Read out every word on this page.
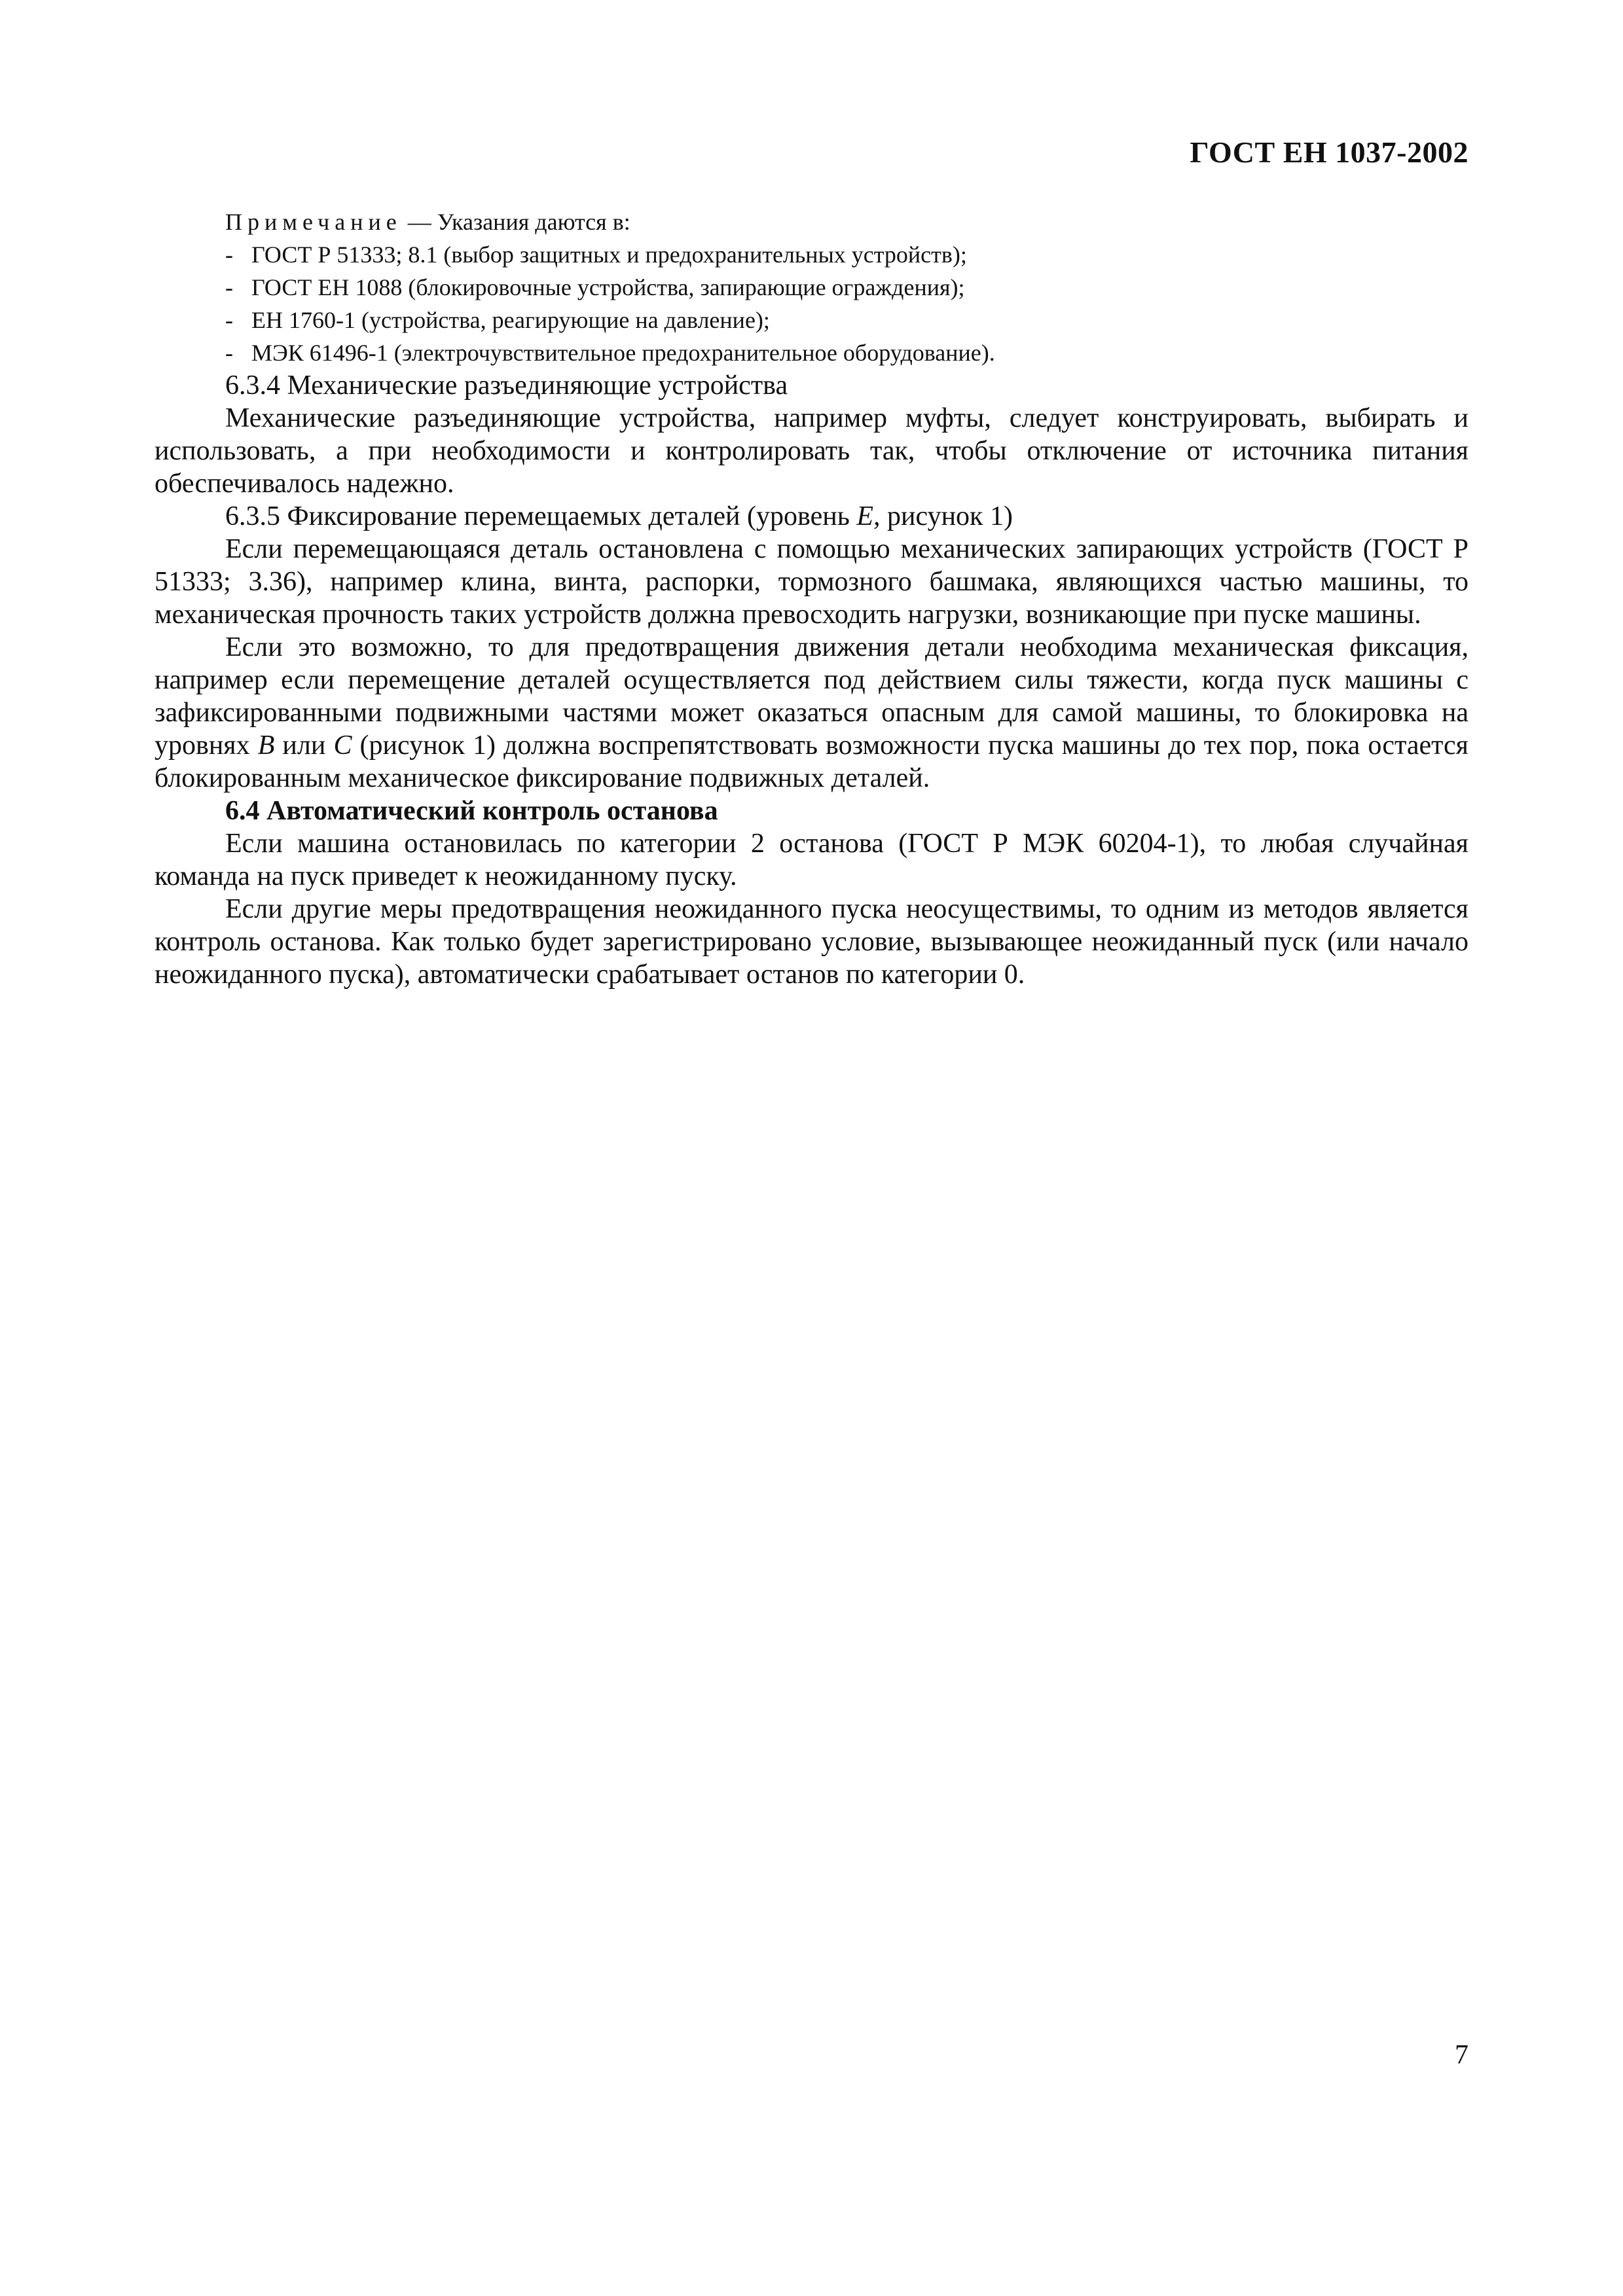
ГОСТ ЕН 1037-2002

Примечание — Указания даются в:

- ГОСТ Р 51333; 8.1 (выбор защитных и предохранительных устройств);

- ГОСТ ЕН 1088 (блокировочные устройства, запирающие ограждения);

- ЕН 1760-1 (устройства, реагирующие на давление);

- МЭК 61496-1 (электрочувствительное предохранительное оборудование).

6.3.4 Механические разъединяющие устройства

Механические разъединяющие устройства, например муфты, следует конструировать, выбирать и использовать, а при необходимости и контролировать так, чтобы отключение от источника питания обеспечивалось надежно.

6.3.5 Фиксирование перемещаемых деталей (уровень Е, рисунок 1)

Если перемещающаяся деталь остановлена с помощью механических запирающих устройств (ГОСТ Р 51333; 3.36), например клина, винта, распорки, тормозного башмака, являющихся частью машины, то механическая прочность таких устройств должна превосходить нагрузки, возникающие при пуске машины.

Если это возможно, то для предотвращения движения детали необходима механическая фиксация, например если перемещение деталей осуществляется под действием силы тяжести, когда пуск машины с зафиксированными подвижными частями может оказаться опасным для самой машины, то блокировка на уровнях В или С (рисунок 1) должна воспрепятствовать возможности пуска машины до тех пор, пока остается блокированным механическое фиксирование подвижных деталей.

6.4 Автоматический контроль останова

Если машина остановилась по категории 2 останова (ГОСТ Р МЭК 60204-1), то любая случайная команда на пуск приведет к неожиданному пуску.

Если другие меры предотвращения неожиданного пуска неосуществимы, то одним из методов является контроль останова. Как только будет зарегистрировано условие, вызывающее неожиданный пуск (или начало неожиданного пуска), автоматически срабатывает останов по категории 0.

7
